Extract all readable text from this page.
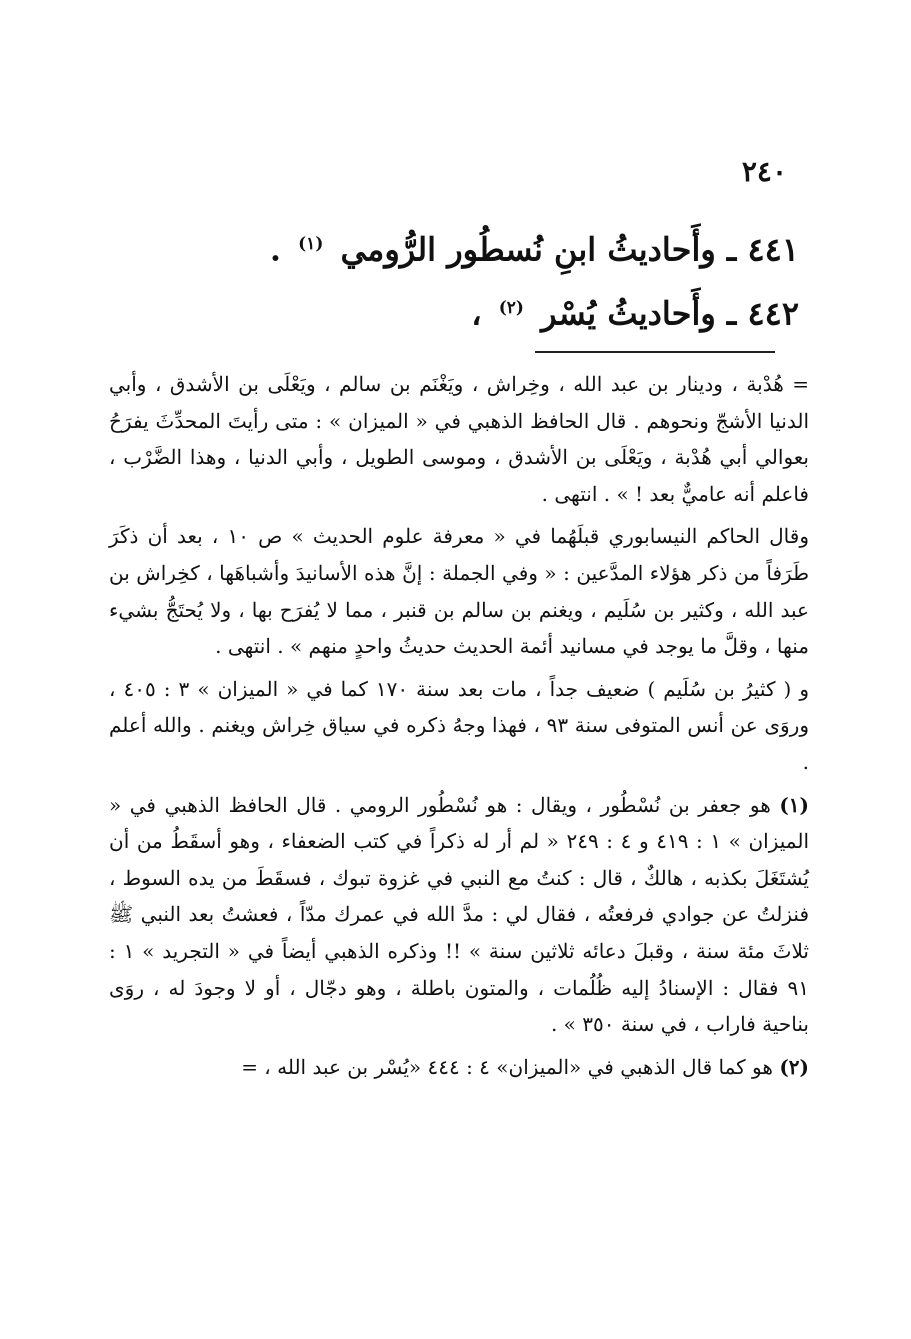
٢٤٠

٤٤١ ـ وأَحاديثُ ابنِ نُسطُور الرُّومي $^{(١)}$ .

٤٤٢ ـ وأَحاديثُ يُسْر $^{(٢)}$ ،

= هُدْبة ، ودينار بن عبد الله ، وخِراش ، ويَغْنَم بن سالم ، ويَعْلَى بن الأشدق ، وأبي الدنيا الأشجّ ونحوهم . قال الحافظ الذهبي في « الميزان » : متى رأيتَ المحدِّثَ يفرَحُ بعوالي أبي هُدْبة ، ويَعْلَى بن الأشدق ، وموسى الطويل ، وأبي الدنيا ، وهذا الضَّرْب ، فاعلم أنه عاميٌّ بعد ! » . انتهى .

وقال الحاكم النيسابوري قبلَهُما في « معرفة علوم الحديث » ص ١٠ ، بعد أن ذكَرَ طَرَفاً من ذكر هؤلاء المدَّعين : « وفي الجملة : إنَّ هذه الأسانيدَ وأشباهَها ، كخِراش بن عبد الله ، وكثير بن سُلَيم ، ويغنم بن سالم بن قنبر ، مما لا يُفرَح بها ، ولا يُحتَجُّ بشيء منها ، وقلَّ ما يوجد في مسانيد أئمة الحديث حديثُ واحدٍ منهم » . انتهى .

و ( كثيرُ بن سُلَيم ) ضعيف جداً ، مات بعد سنة ١٧٠ كما في « الميزان » ٣ : ٤٠٥ ، وروَى عن أنس المتوفى سنة ٩٣ ، فهذا وجهُ ذكره في سياق خِراش ويغنم . والله أعلم .

(١) هو جعفر بن نُسْطُور ، ويقال : هو نُسْطُور الرومي . قال الحافظ الذهبي في « الميزان » ١ : ٤١٩ و ٤ : ٢٤٩ « لم أر له ذكراً في كتب الضعفاء ، وهو أسقَطُ من أن يُشتَغَلَ بكذبه ، هالكٌ ، قال : كنتُ مع النبي في غزوة تبوك ، فسقَطَ من يده السوط ، فنزلتُ عن جوادي فرفعتُه ، فقال لي : مدَّ الله في عمرك مدّاً ، فعشتُ بعد النبي ﷺ ثلاثَ مئة سنة ، وقبلَ دعائه ثلاثين سنة » !! وذكره الذهبي أيضاً في « التجريد » ١ : ٩١ فقال : الإسنادُ إليه ظُلُمات ، والمتون باطلة ، وهو دجّال ، أو لا وجودَ له ، روَى بناحية فاراب ، في سنة ٣٥٠ » .

(٢) هو كما قال الذهبي في «الميزان» ٤ : ٤٤٤ «يُسْر بن عبد الله ، =
